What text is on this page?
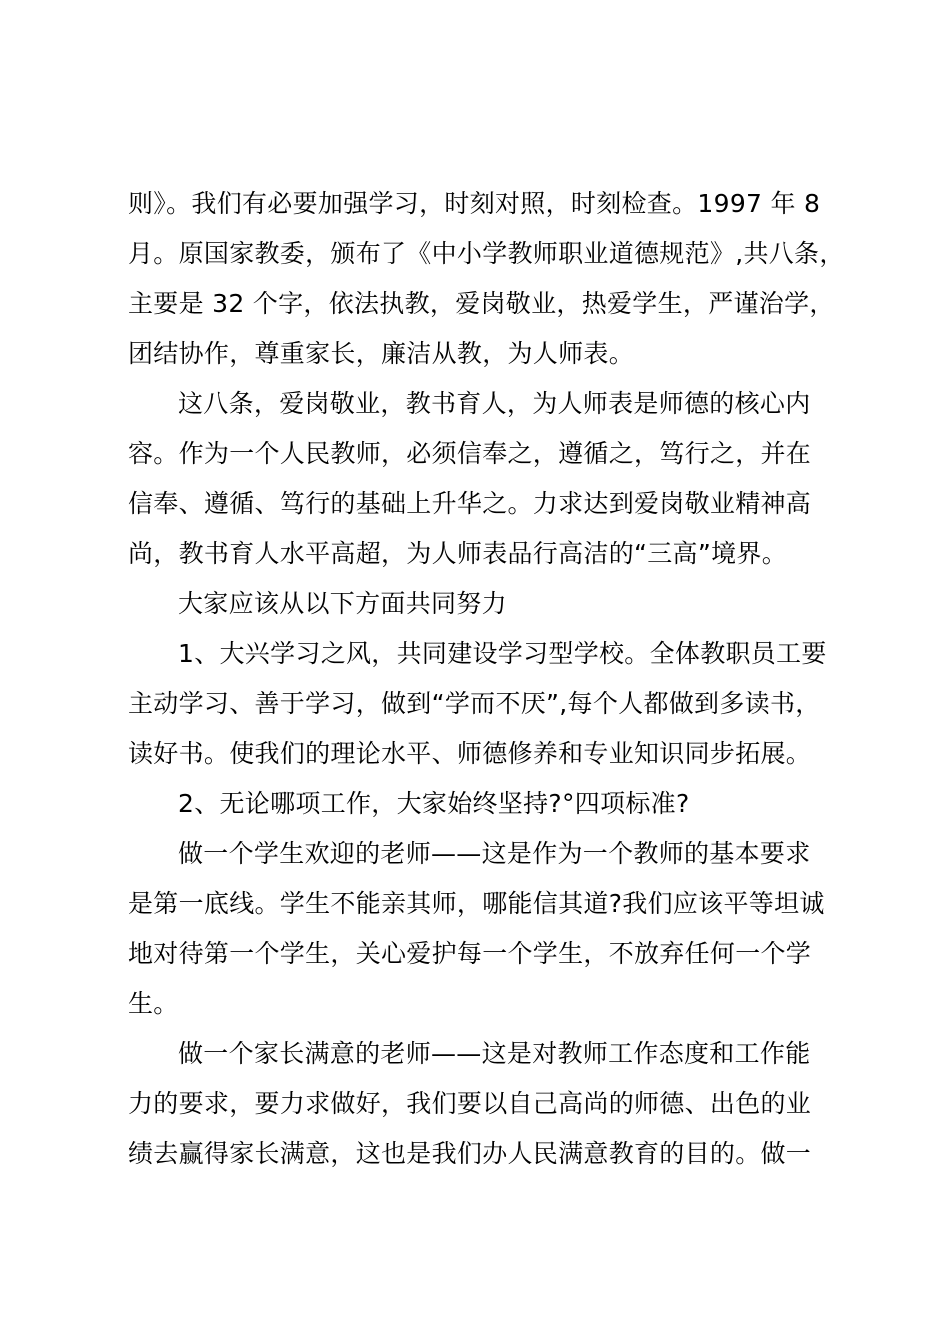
则》。我们有必要加强学习，时刻对照，时刻检查。1997 年 8
月。原国家教委，颁布了《中小学教师职业道德规范》,共八条，
主要是 32 个字，依法执教，爱岗敬业，热爱学生，严谨治学，
团结协作，尊重家长，廉洁从教，为人师表。
这八条，爱岗敬业，教书育人，为人师表是师德的核心内
容。作为一个人民教师，必须信奉之，遵循之，笃行之，并在
信奉、遵循、笃行的基础上升华之。力求达到爱岗敬业精神高
尚，教书育人水平高超，为人师表品行高洁的“三高”境界。
大家应该从以下方面共同努力
1、大兴学习之风，共同建设学习型学校。全体教职员工要
主动学习、善于学习，做到“学而不厌”,每个人都做到多读书，
读好书。使我们的理论水平、师德修养和专业知识同步拓展。
2、无论哪项工作，大家始终坚持?°四项标准?
做一个学生欢迎的老师——这是作为一个教师的基本要求
是第一底线。学生不能亲其师，哪能信其道?我们应该平等坦诚
地对待第一个学生，关心爱护每一个学生，不放弃任何一个学
生。
做一个家长满意的老师——这是对教师工作态度和工作能
力的要求，要力求做好，我们要以自己高尚的师德、出色的业
绩去赢得家长满意，这也是我们办人民满意教育的目的。做一
